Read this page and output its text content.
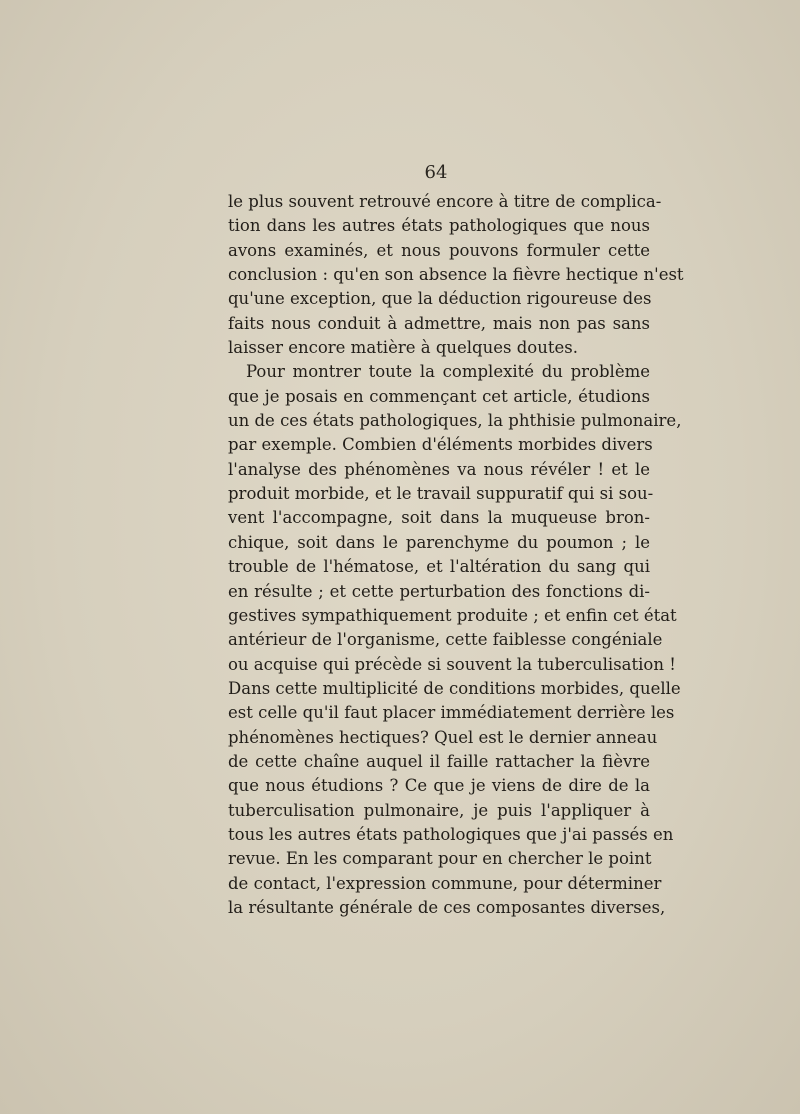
64
le plus souvent retrouvé encore à titre de complica-
tion dans les autres états pathologiques que nous
avons examinés, et nous pouvons formuler cette
conclusion : qu'en son absence la fièvre hectique n'est
qu'une exception, que la déduction rigoureuse des
faits nous conduit à admettre, mais non pas sans
laisser encore matière à quelques doutes.
Pour montrer toute la complexité du problème
que je posais en commençant cet article, étudions
un de ces états pathologiques, la phthisie pulmonaire,
par exemple. Combien d'éléments morbides divers
l'analyse des phénomènes va nous révéler ! et le
produit morbide, et le travail suppuratif qui si sou-
vent l'accompagne, soit dans la muqueuse bron-
chique, soit dans le parenchyme du poumon ; le
trouble de l'hématose, et l'altération du sang qui
en résulte ; et cette perturbation des fonctions di-
gestives sympathiquement produite ; et enfin cet état
antérieur de l'organisme, cette faiblesse congéniale
ou acquise qui précède si souvent la tuberculisation !
Dans cette multiplicité de conditions morbides, quelle
est celle qu'il faut placer immédiatement derrière les
phénomènes hectiques? Quel est le dernier anneau
de cette chaîne auquel il faille rattacher la fièvre
que nous étudions ? Ce que je viens de dire de la
tuberculisation pulmonaire, je puis l'appliquer à
tous les autres états pathologiques que j'ai passés en
revue. En les comparant pour en chercher le point
de contact, l'expression commune, pour déterminer
la résultante générale de ces composantes diverses,
